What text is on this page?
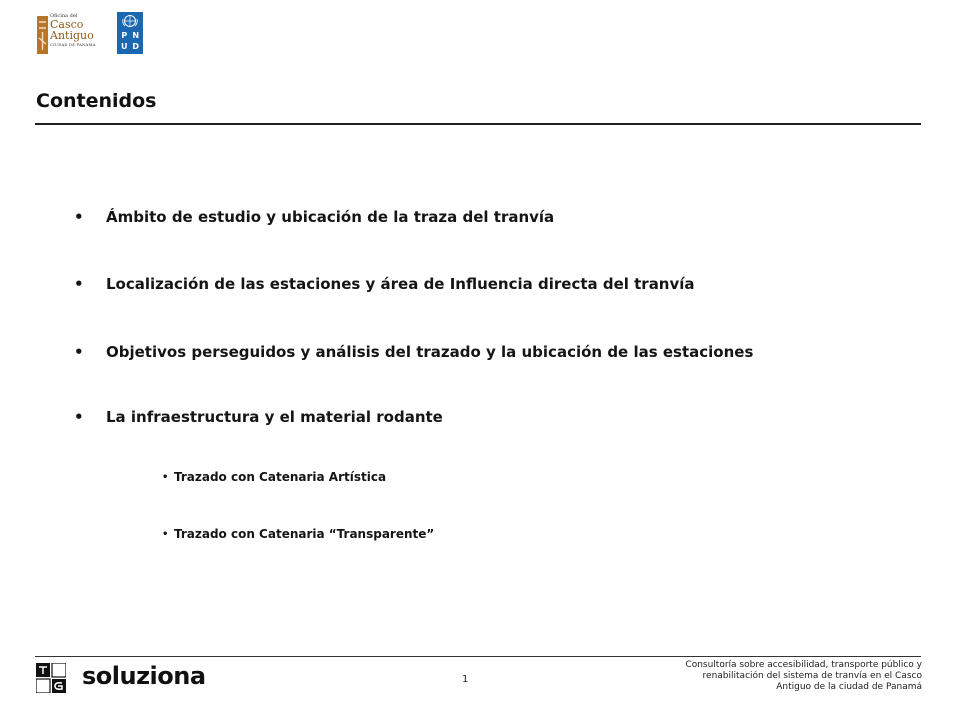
Oficina del
Casco
Antiguo
CIUDAD DE PANAMÁ
P N
U D
Contenidos
•	Ámbito de estudio y ubicación de la traza del tranvía
•	Localización de las estaciones y área de Influencia directa del tranvía
•	Objetivos perseguidos y análisis del trazado y la ubicación de las estaciones
•	La infraestructura y el material rodante
• Trazado con Catenaria Artística
• Trazado con Catenaria “Transparente”
soluziona	1
Consultoría sobre accesibilidad, transporte público y
renabilitación del sistema de tranvía en el Casco
Antiguo de la ciudad de Panamá
